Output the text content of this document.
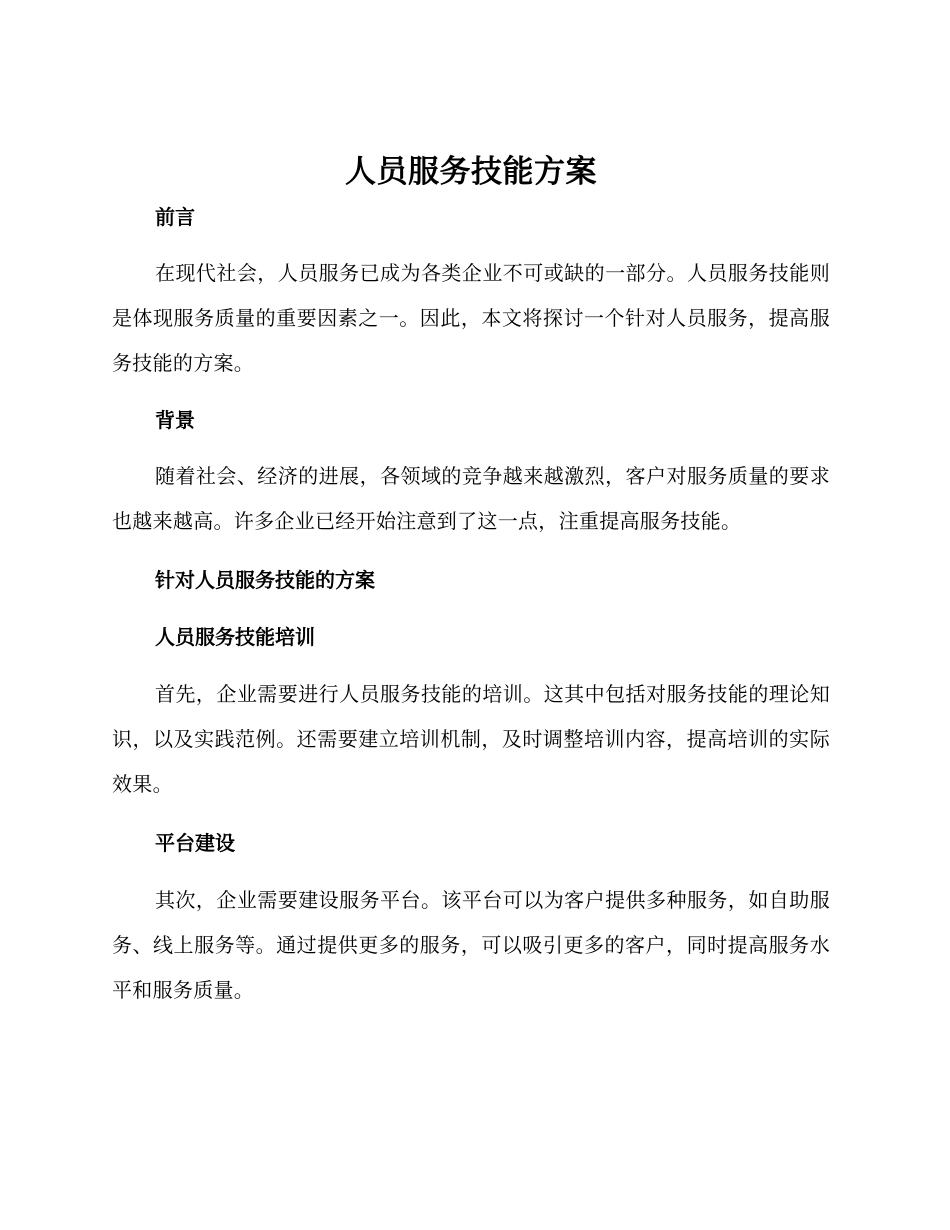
人员服务技能方案
前言

在现代社会，人员服务已成为各类企业不可或缺的一部分。人员服务技能则是体现服务质量的重要因素之一。因此，本文将探讨一个针对人员服务，提高服务技能的方案。

背景

随着社会、经济的进展，各领域的竞争越来越激烈，客户对服务质量的要求也越来越高。许多企业已经开始注意到了这一点，注重提高服务技能。

针对人员服务技能的方案
人员服务技能培训

首先，企业需要进行人员服务技能的培训。这其中包括对服务技能的理论知识，以及实践范例。还需要建立培训机制，及时调整培训内容，提高培训的实际效果。

平台建设

其次，企业需要建设服务平台。该平台可以为客户提供多种服务，如自助服务、线上服务等。通过提供更多的服务，可以吸引更多的客户，同时提高服务水平和服务质量。
